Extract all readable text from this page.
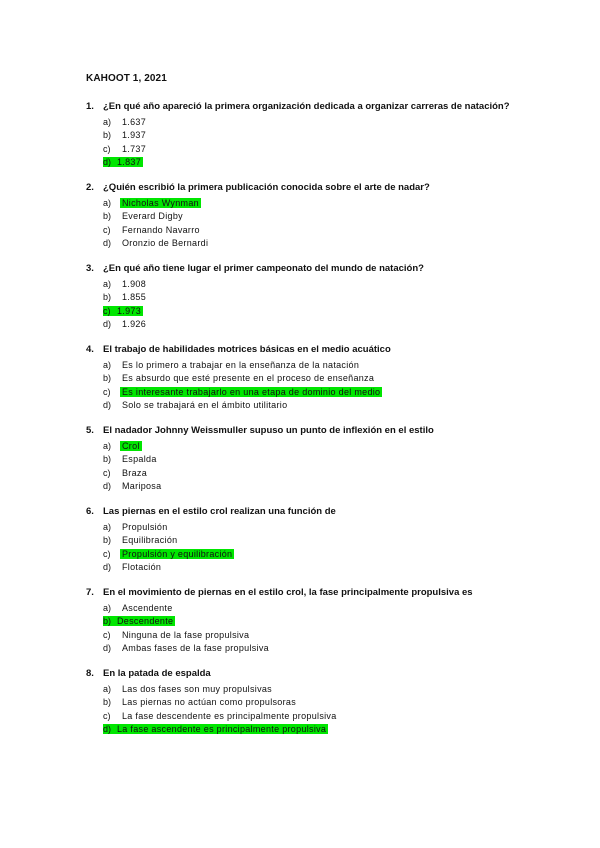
KAHOOT 1, 2021
1. ¿En qué año apareció la primera organización dedicada a organizar carreras de natación?
a)	1.637
b)	1.937
c)	1.737
d) 1.837
2. ¿Quién escribió la primera publicación conocida sobre el arte de nadar?
a)	Nicholas Wynman
b)	Everard Digby
c)	Fernando Navarro
d)	Oronzio de Bernardi
3. ¿En qué año tiene lugar el primer campeonato del mundo de natación?
a)	1.908
b)	1.855
c) 1.973
d)	1.926
4. El trabajo de habilidades motrices básicas en el medio acuático
a)	Es lo primero a trabajar en la enseñanza de la natación
b)	Es absurdo que esté presente en el proceso de enseñanza
c)	Es interesante trabajarlo en una etapa de dominio del medio
d)	Solo se trabajará en el ámbito utilitario
5. El nadador Johnny Weissmuller supuso un punto de inflexión en el estilo
a)	Crol
b)	Espalda
c)	Braza
d)	Mariposa
6. Las piernas en el estilo crol realizan una función de
a)	Propulsión
b)	Equilibración
c)	Propulsión y equilibración
d)	Flotación
7. En el movimiento de piernas en el estilo crol, la fase principalmente propulsiva es
a)	Ascendente
b) Descendente
c)	Ninguna de la fase propulsiva
d)	Ambas fases de la fase propulsiva
8. En la patada de espalda
a)	Las dos fases son muy propulsivas
b)	Las piernas no actúan como propulsoras
c)	La fase descendente es principalmente propulsiva
d) La fase ascendente es principalmente propulsiva
